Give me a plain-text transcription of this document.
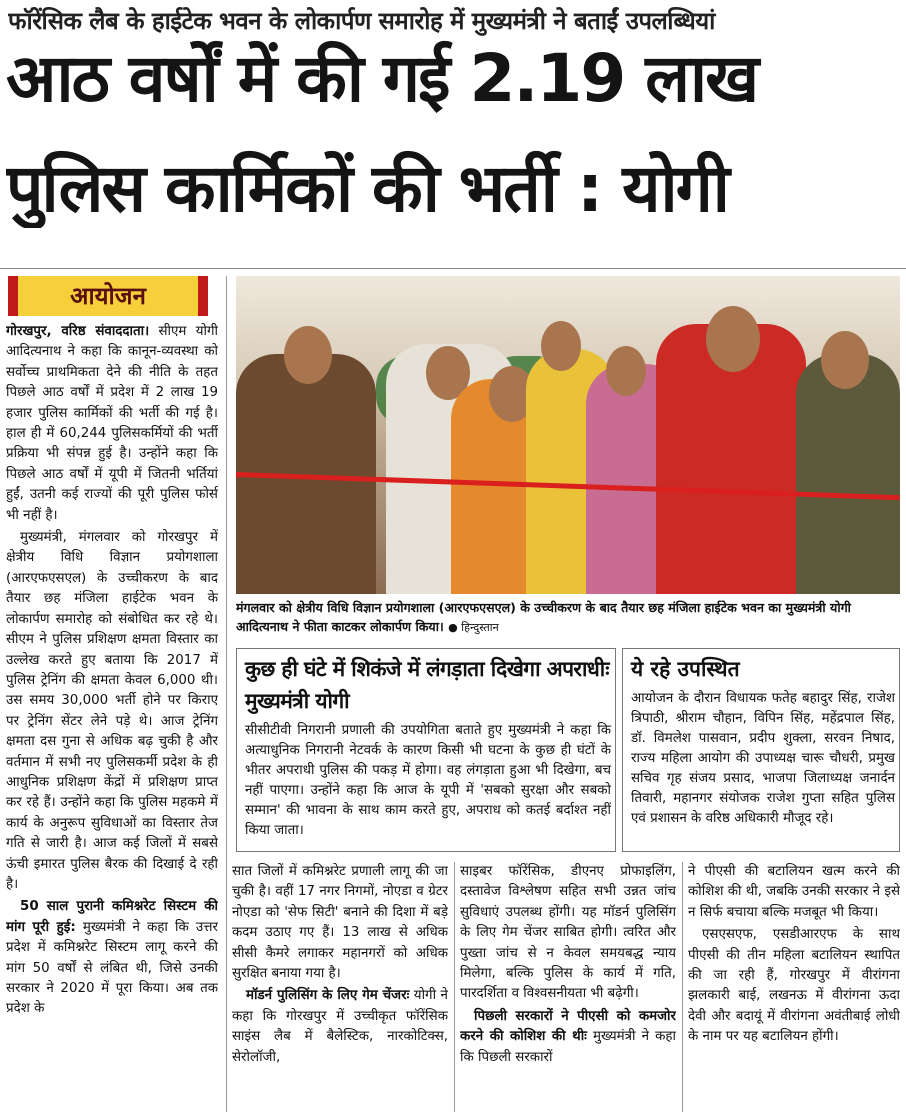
फॉरेंसिक लैब के हाईटेक भवन के लोकार्पण समारोह में मुख्यमंत्री ने बताईं उपलब्धियां
आठ वर्षों में की गई 2.19 लाख
पुलिस कार्मिकों की भर्ती : योगी
आयोजन

गोरखपुर, वरिष्ठ संवाददाता। सीएम योगी आदित्यनाथ ने कहा कि कानून-व्यवस्था को सर्वोच्च प्राथमिकता देने की नीति के तहत पिछले आठ वर्षों में प्रदेश में 2 लाख 19 हजार पुलिस कार्मिकों की भर्ती की गई है। हाल ही में 60,244 पुलिसकर्मियों की भर्ती प्रक्रिया भी संपन्न हुई है। उन्होंने कहा कि पिछले आठ वर्षों में यूपी में जितनी भर्तियां हुईं, उतनी कई राज्यों की पूरी पुलिस फोर्स भी नहीं है।

मुख्यमंत्री, मंगलवार को गोरखपुर में क्षेत्रीय विधि विज्ञान प्रयोगशाला (आरएफएसएल) के उच्चीकरण के बाद तैयार छह मंजिला हाईटेक भवन के लोकार्पण समारोह को संबोधित कर रहे थे। सीएम ने पुलिस प्रशिक्षण क्षमता विस्तार का उल्लेख करते हुए बताया कि 2017 में पुलिस ट्रेनिंग की क्षमता केवल 6,000 थी। उस समय 30,000 भर्ती होने पर किराए पर ट्रेनिंग सेंटर लेने पड़े थे। आज ट्रेनिंग क्षमता दस गुना से अधिक बढ़ चुकी है और वर्तमान में सभी नए पुलिसकर्मी प्रदेश के ही आधुनिक प्रशिक्षण केंद्रों में प्रशिक्षण प्राप्त कर रहे हैं। उन्होंने कहा कि पुलिस महकमे में कार्य के अनुरूप सुविधाओं का विस्तार तेज गति से जारी है। आज कई जिलों में सबसे ऊंची इमारत पुलिस बैरक की दिखाई दे रही है।

50 साल पुरानी कमिश्नरेट सिस्टम की मांग पूरी हुई: मुख्यमंत्री ने कहा कि उत्तर प्रदेश में कमिश्नरेट सिस्टम लागू करने की मांग 50 वर्षों से लंबित थी, जिसे उनकी सरकार ने 2020 में पूरा किया। अब तक प्रदेश के

मंगलवार को क्षेत्रीय विधि विज्ञान प्रयोगशाला (आरएफएसएल) के उच्चीकरण के बाद तैयार छह मंजिला हाईटेक भवन का मुख्यमंत्री योगी आदित्यनाथ ने फीता काटकर लोकार्पण किया। ● हिन्दुस्तान
कुछ ही घंटे में शिकंजे में लंगड़ाता दिखेगा अपराधीः मुख्यमंत्री योगी
सीसीटीवी निगरानी प्रणाली की उपयोगिता बताते हुए मुख्यमंत्री ने कहा कि अत्याधुनिक निगरानी नेटवर्क के कारण किसी भी घटना के कुछ ही घंटों के भीतर अपराधी पुलिस की पकड़ में होगा। वह लंगड़ाता हुआ भी दिखेगा, बच नहीं पाएगा। उन्होंने कहा कि आज के यूपी में 'सबको सुरक्षा और सबको सम्मान' की भावना के साथ काम करते हुए, अपराध को कतई बर्दाश्त नहीं किया जाता।
ये रहे उपस्थित
आयोजन के दौरान विधायक फतेह बहादुर सिंह, राजेश त्रिपाठी, श्रीराम चौहान, विपिन सिंह, महेंद्रपाल सिंह, डॉ. विमलेश पासवान, प्रदीप शुक्ला, सरवन निषाद, राज्य महिला आयोग की उपाध्यक्ष चारू चौधरी, प्रमुख सचिव गृह संजय प्रसाद, भाजपा जिलाध्यक्ष जनार्दन तिवारी, महानगर संयोजक राजेश गुप्ता सहित पुलिस एवं प्रशासन के वरिष्ठ अधिकारी मौजूद रहे।

सात जिलों में कमिश्नरेट प्रणाली लागू की जा चुकी है। वहीं 17 नगर निगमों, नोएडा व ग्रेटर नोएडा को 'सेफ सिटी' बनाने की दिशा में बड़े कदम उठाए गए हैं। 13 लाख से अधिक सीसी कैमरे लगाकर महानगरों को अधिक सुरक्षित बनाया गया है।

मॉडर्न पुलिसिंग के लिए गेम चेंजरः योगी ने कहा कि गोरखपुर में उच्चीकृत फॉरेंसिक साइंस लैब में बैलेस्टिक, नारकोटिक्स, सेरोलॉजी,

साइबर फॉरेंसिक, डीएनए प्रोफाइलिंग, दस्तावेज विश्लेषण सहित सभी उन्नत जांच सुविधाएं उपलब्ध होंगी। यह मॉडर्न पुलिसिंग के लिए गेम चेंजर साबित होगी। त्वरित और पुख्ता जांच से न केवल समयबद्ध न्याय मिलेगा, बल्कि पुलिस के कार्य में गति, पारदर्शिता व विश्वसनीयता भी बढ़ेगी।

पिछली सरकारों ने पीएसी को कमजोर करने की कोशिश की थीः मुख्यमंत्री ने कहा कि पिछली सरकारों

ने पीएसी की बटालियन खत्म करने की कोशिश की थी, जबकि उनकी सरकार ने इसे न सिर्फ बचाया बल्कि मजबूत भी किया।

एसएसएफ, एसडीआरएफ के साथ पीएसी की तीन महिला बटालियन स्थापित की जा रही हैं, गोरखपुर में वीरांगना झलकारी बाई, लखनऊ में वीरांगना ऊदा देवी और बदायूं में वीरांगना अवंतीबाई लोधी के नाम पर यह बटालियन होंगी।
